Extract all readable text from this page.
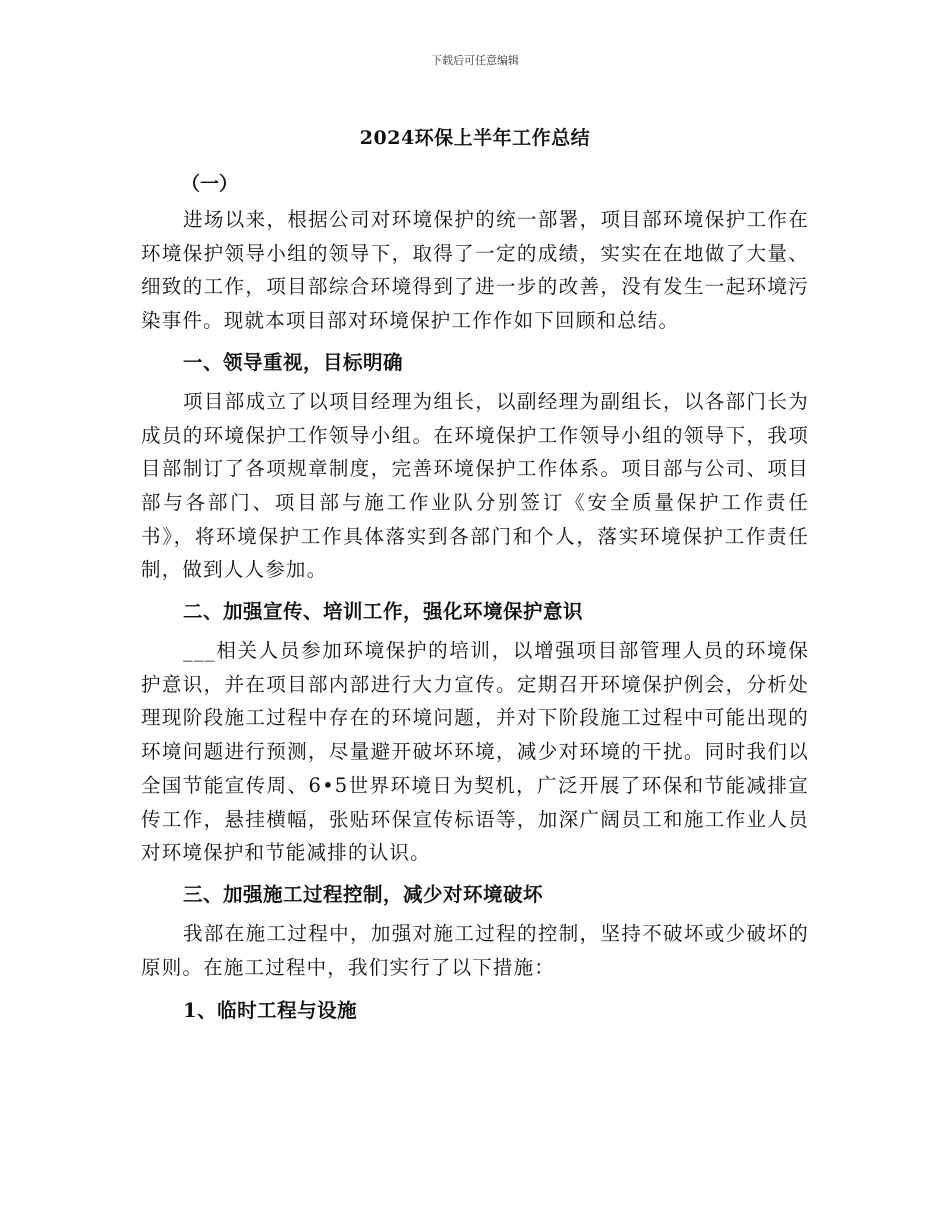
下载后可任意编辑
2024环保上半年工作总结

（一）

进场以来，根据公司对环境保护的统一部署，项目部环境保护工作在环境保护领导小组的领导下，取得了一定的成绩，实实在在地做了大量、细致的工作，项目部综合环境得到了进一步的改善，没有发生一起环境污染事件。现就本项目部对环境保护工作作如下回顾和总结。

一、领导重视，目标明确

项目部成立了以项目经理为组长，以副经理为副组长，以各部门长为成员的环境保护工作领导小组。在环境保护工作领导小组的领导下，我项目部制订了各项规章制度，完善环境保护工作体系。项目部与公司、项目部与各部门、项目部与施工作业队分别签订《安全质量保护工作责任书》，将环境保护工作具体落实到各部门和个人，落实环境保护工作责任制，做到人人参加。

二、加强宣传、培训工作，强化环境保护意识

___相关人员参加环境保护的培训，以增强项目部管理人员的环境保护意识，并在项目部内部进行大力宣传。定期召开环境保护例会，分析处理现阶段施工过程中存在的环境问题，并对下阶段施工过程中可能出现的环境问题进行预测，尽量避开破坏环境，减少对环境的干扰。同时我们以全国节能宣传周、6•5世界环境日为契机，广泛开展了环保和节能减排宣传工作，悬挂横幅，张贴环保宣传标语等，加深广阔员工和施工作业人员对环境保护和节能减排的认识。

三、加强施工过程控制，减少对环境破坏

我部在施工过程中，加强对施工过程的控制，坚持不破坏或少破坏的原则。在施工过程中，我们实行了以下措施：

1、临时工程与设施
